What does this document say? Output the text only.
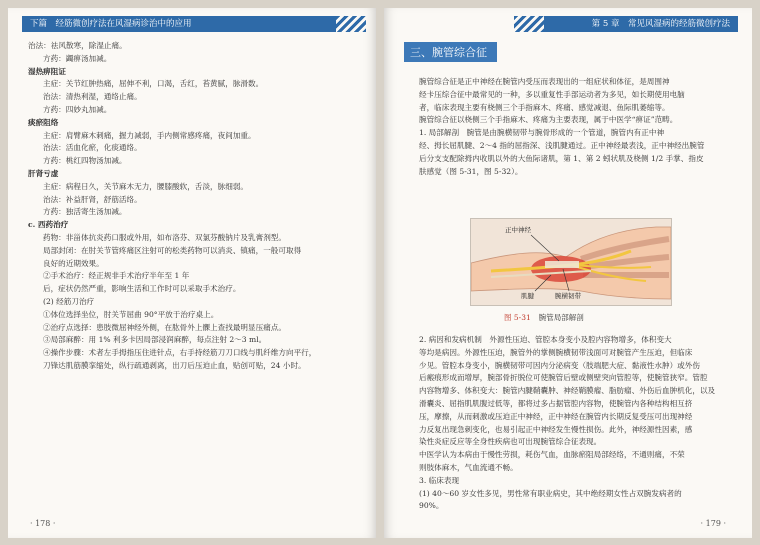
下篇　经筋微创疗法在风湿病诊治中的应用
治法：祛风散寒，除湿止痛。
方药：蠲痹汤加减。
湿热痹阻证
主症：关节红肿热痛，屈伸不利，口渴，舌红，苔黄腻，脉滑数。
治法：清热利湿，通络止痛。
方药：四妙丸加减。
痰瘀阻络
主症：肩臂麻木刺痛，握力减弱，手内侧常感疼痛，夜间加重。
治法：活血化瘀，化痰通络。
方药：桃红四物汤加减。
肝肾亏虚
主症：病程日久，关节麻木无力，腰膝酸软，舌淡，脉细弱。
治法：补益肝肾，舒筋活络。
方药：独活寄生汤加减。
c. 西药治疗
药物：非甾体抗炎药口服或外用，如布洛芬、双氯芬酸钠片及乳膏剂型。
局部封闭：在肘关节管疼痛区注射可的松类药物可以消炎、镇痛，一般可取得
良好的近期效果。
②手术治疗：经正规非手术治疗半年至 1 年
后，症状仍然严重，影响生活和工作时可以采取手术治疗。
(2) 经筋刀治疗
①体位选择坐位，肘关节屈曲 90°平放于治疗桌上。
②治疗点选择：患肢微屈神经外侧，在肱骨外上髁上查找最明显压痛点。
③局部麻醉：用 1% 利多卡因局部浸润麻醉，每点注射 2～3 ml。
④操作步骤：术者左手拇指压住进针点，右手持经筋刀刀口线与肌纤维方向平行，
刀锋达肌筋膜挛缩处，纵行疏通剥离，出刀后压迫止血，贴创可贴，24 小时。
· 178 ·
第 5 章　常见风湿病的经筋微创疗法
三、腕管综合征
腕管综合征是正中神经在腕管内受压而表现出的一组症状和体征，是周围神
经卡压综合征中最常见的一种，多以重复性手部运动者为多见，如长期使用电脑
者，临床表现主要有桡侧三个手指麻木、疼痛、感觉减退、鱼际肌萎缩等。
腕管综合征以桡侧三个手指麻木、疼痛为主要表现，属于中医学“痹证”范畴。
1. 局部解剖　腕管是由腕横韧带与腕骨形成的一个管道，腕管内有正中神
经、拇长屈肌腱、2～4 指的屈指深、浅肌腱通过。正中神经最表浅，正中神经出腕管
后分支支配除拇内收肌以外的大鱼际诸肌，第 1、第 2 蚓状肌及桡侧 1/2 手掌、指皮
肤感觉（图 5-31，图 5-32）。
正中神经
肌腱	腕横韧带
图 5-31 腕管局部解剖
2. 病因和发病机制　外源性压迫、管腔本身变小及腔内容物增多，体积变大
等均是病因。外源性压迫，腕管外的掌侧腕横韧带浅面可对腕管产生压迫，但临床
少见。管腔本身变小，腕横韧带可因内分泌病变（肢端肥大症、黏液性水肿）或外伤
后瘢痕形成而增厚，腕部骨折脱位可使腕管后壁或侧壁突向管腔等，使腕管狭窄。管腔
内容物增多、体积变大：腕管内腱鞘囊肿、神经鞘膜瘤、脂肪瘤、外伤后血肿机化，以及
滑囊炎、屈指肌肌腹过低等，都将过多占据管腔内容物，使腕管内各种结构相互挤
压，摩擦，从而刺激或压迫正中神经，正中神经在腕管内长期反复受压可出现神经
力反复出现急刺变化，也易引起正中神经发生慢性损伤。此外，神经源性因素，感
染性炎症反应等全身性疾病也可出现腕管综合征表现。
中医学认为本病由于慢性劳损，耗伤气血，血脉瘀阻局部经络，不通则痛，不荣
则肢体麻木，气血流通不畅。
3. 临床表现
(1) 40～60 岁女性多见，男性常有职业病史，其中绝经期女性占双腕发病者的
90%。
· 179 ·
